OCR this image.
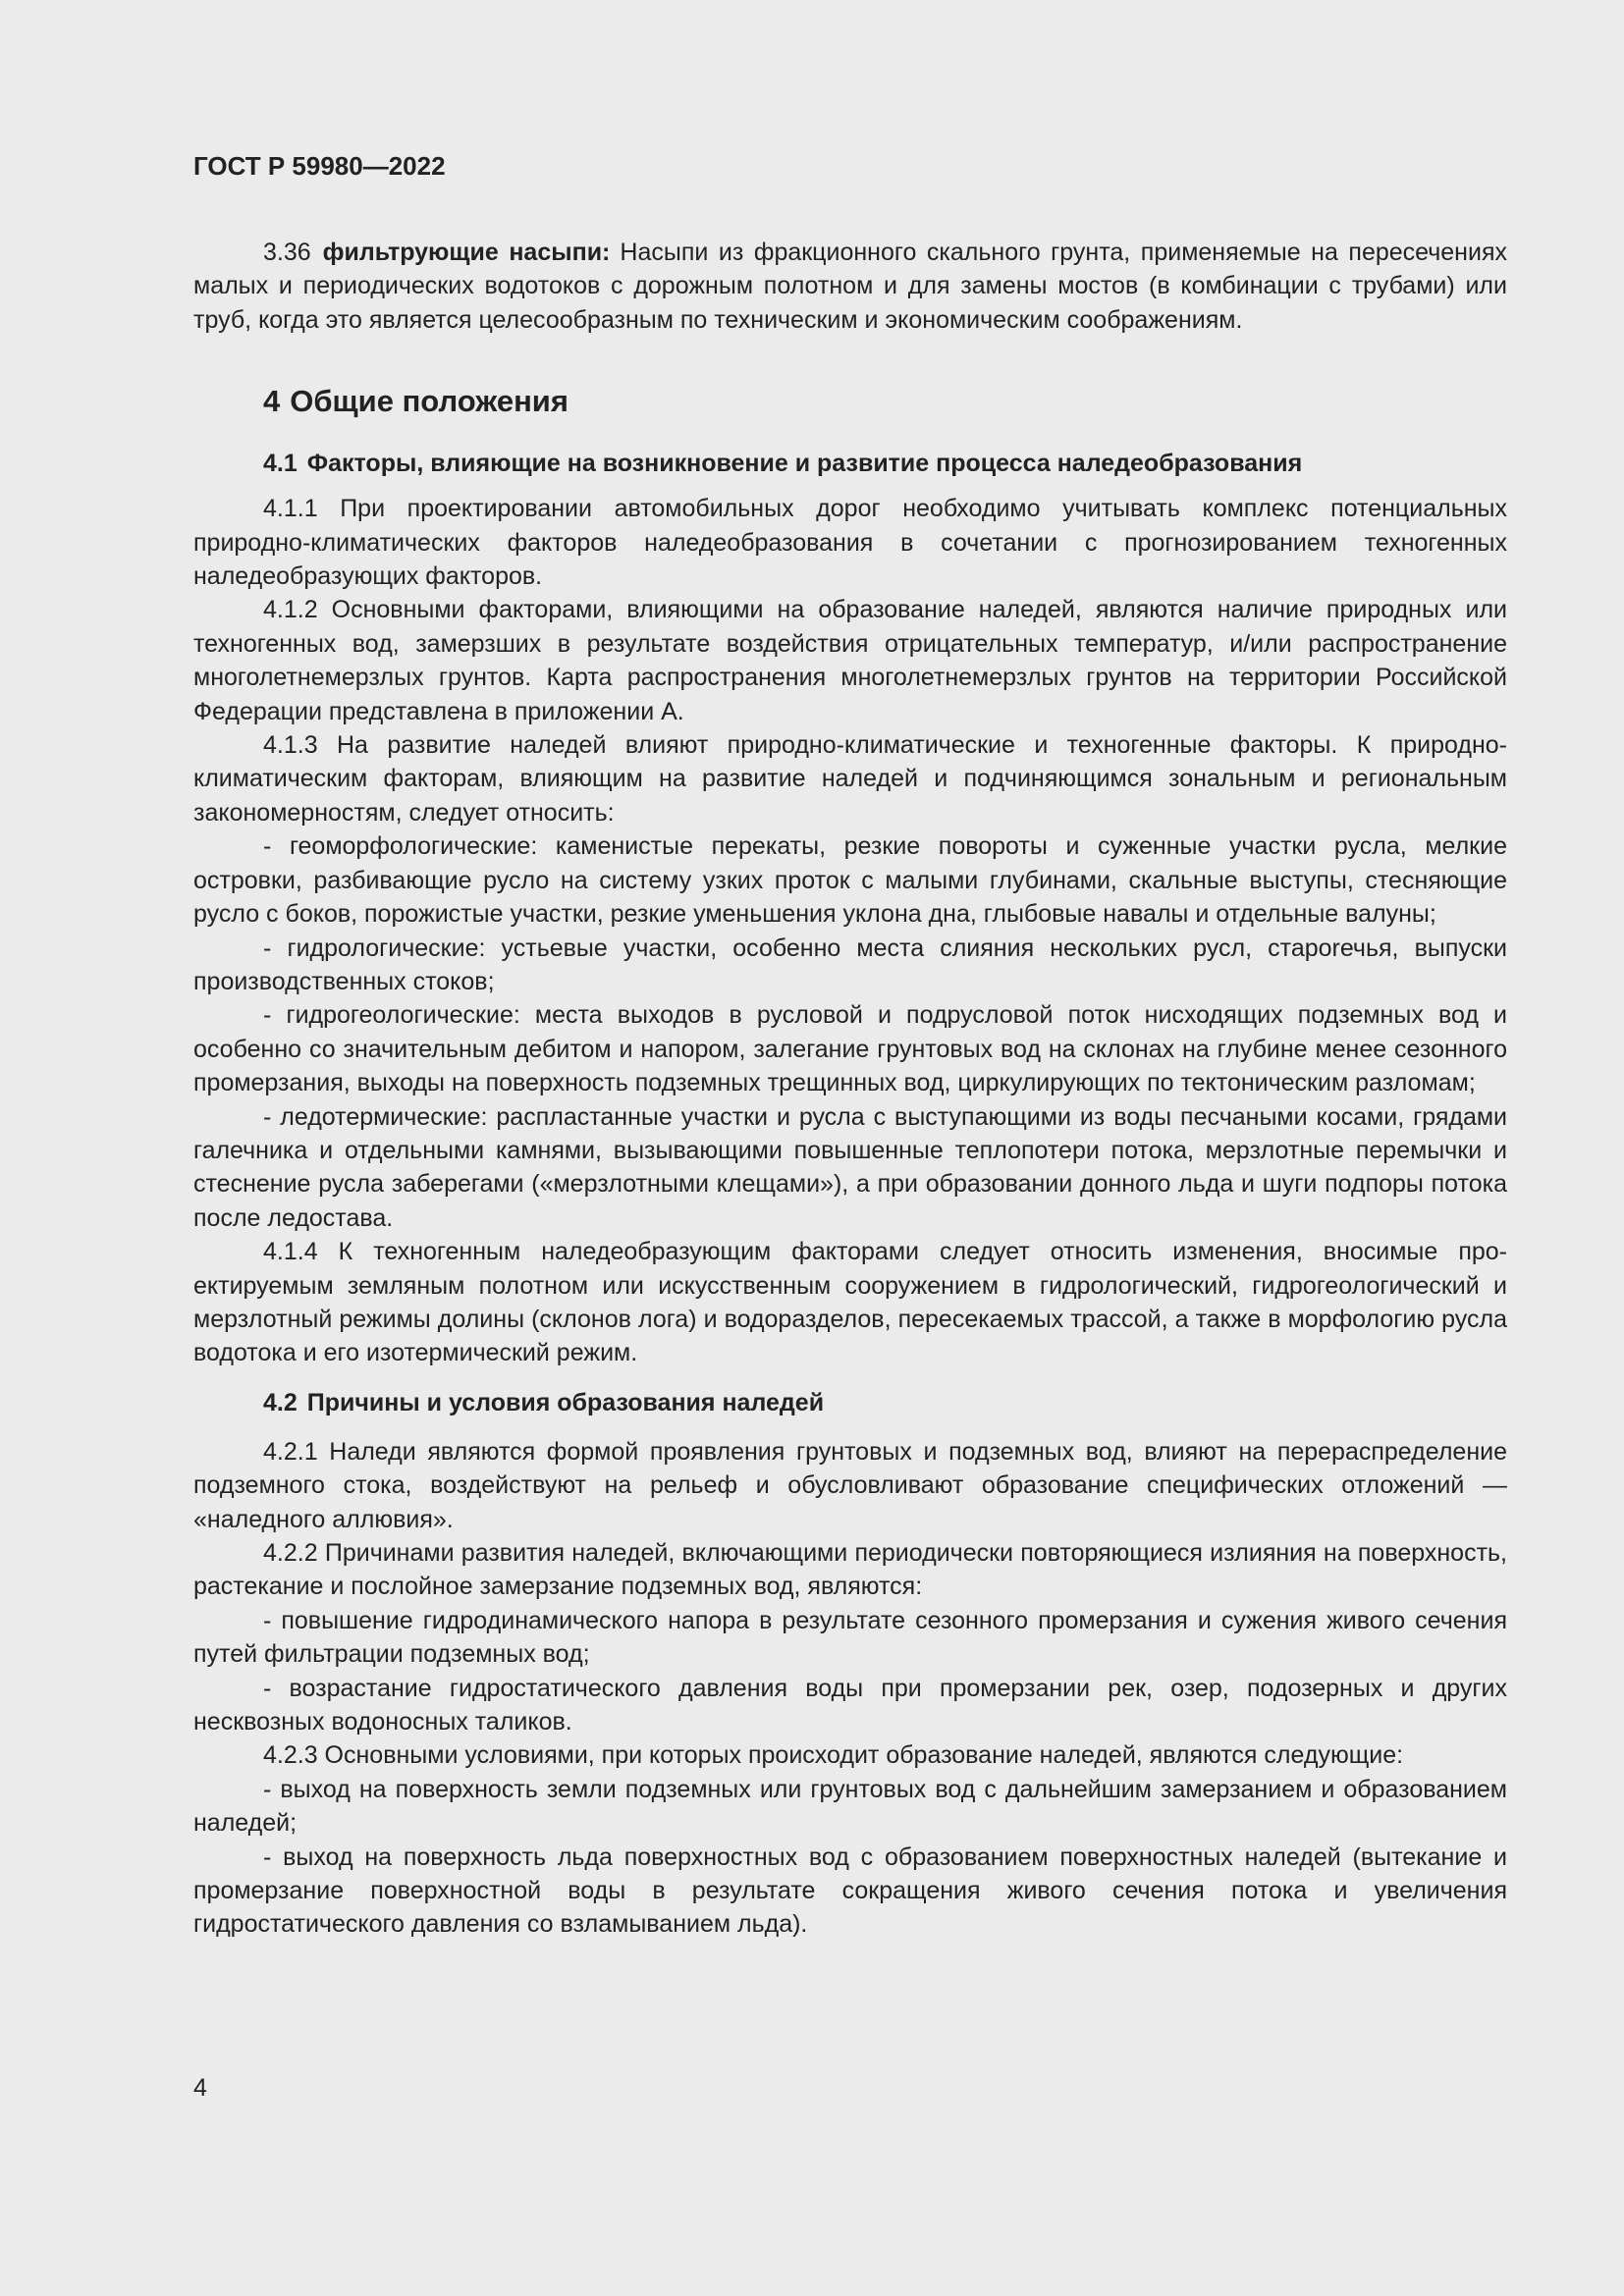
ГОСТ Р 59980—2022

3.36 фильтрующие насыпи: Насыпи из фракционного скального грунта, применяемые на пересечениях малых и периодических водотоков с дорожным полотном и для замены мостов (в комбинации с трубами) или труб, когда это является целесообразным по техническим и экономическим соображениям.

4 Общие положения
4.1 Факторы, влияющие на возникновение и развитие процесса наледеобразования

4.1.1 При проектировании автомобильных дорог необходимо учитывать комплекс потенциальных природно-климатических факторов наледеобразования в сочетании с прогнозированием техногенных наледеобразующих факторов.

4.1.2 Основными факторами, влияющими на образование наледей, являются наличие природных или техногенных вод, замерзших в результате воздействия отрицательных температур, и/или распространение многолетнемерзлых грунтов. Карта распространения многолетнемерзлых грунтов на территории Российской Федерации представлена в приложении А.

4.1.3 На развитие наледей влияют природно-климатические и техногенные факторы. К природно-климатическим факторам, влияющим на развитие наледей и подчиняющимся зональным и региональным закономерностям, следует относить:

- геоморфологические: каменистые перекаты, резкие повороты и суженные участки русла, мелкие островки, разбивающие русло на систему узких проток с малыми глубинами, скальные выступы, стесняющие русло с боков, порожистые участки, резкие уменьшения уклона дна, глыбовые навалы и отдельные валуны;

- гидрологические: устьевые участки, особенно места слияния нескольких русл, старorечья, выпуски производственных стоков;

- гидрогеологические: места выходов в русловой и подрусловой поток нисходящих подземных вод и особенно со значительным дебитом и напором, залегание грунтовых вод на склонах на глубине менее сезонного промерзания, выходы на поверхность подземных трещинных вод, циркулирующих по тектоническим разломам;

- ледотермические: распластанные участки и русла с выступающими из воды песчаными косами, грядами галечника и отдельными камнями, вызывающими повышенные теплопотери потока, мерзлотные перемычки и стеснение русла заберегами («мерзлотными клещами»), а при образовании донного льда и шуги подпоры потока после ледостава.

4.1.4 К техногенным наледеобразующим факторами следует относить изменения, вносимые проектируемым земляным полотном или искусственным сооружением в гидрологический, гидрогеологический и мерзлотный режимы долины (склонов лога) и водоразделов, пересекаемых трассой, а также в морфологию русла водотока и его изотермический режим.

4.2 Причины и условия образования наледей

4.2.1 Наледи являются формой проявления грунтовых и подземных вод, влияют на перераспределение подземного стока, воздействуют на рельеф и обусловливают образование специфических отложений — «наледного аллювия».

4.2.2 Причинами развития наледей, включающими периодически повторяющиеся излияния на поверхность, растекание и послойное замерзание подземных вод, являются:

- повышение гидродинамического напора в результате сезонного промерзания и сужения живого сечения путей фильтрации подземных вод;

- возрастание гидростатического давления воды при промерзании рек, озер, подозерных и других несквозных водоносных таликов.

4.2.3 Основными условиями, при которых происходит образование наледей, являются следующие:

- выход на поверхность земли подземных или грунтовых вод с дальнейшим замерзанием и образованием наледей;

- выход на поверхность льда поверхностных вод с образованием поверхностных наледей (вытекание и промерзание поверхностной воды в результате сокращения живого сечения потока и увеличения гидростатического давления со взламыванием льда).

4
